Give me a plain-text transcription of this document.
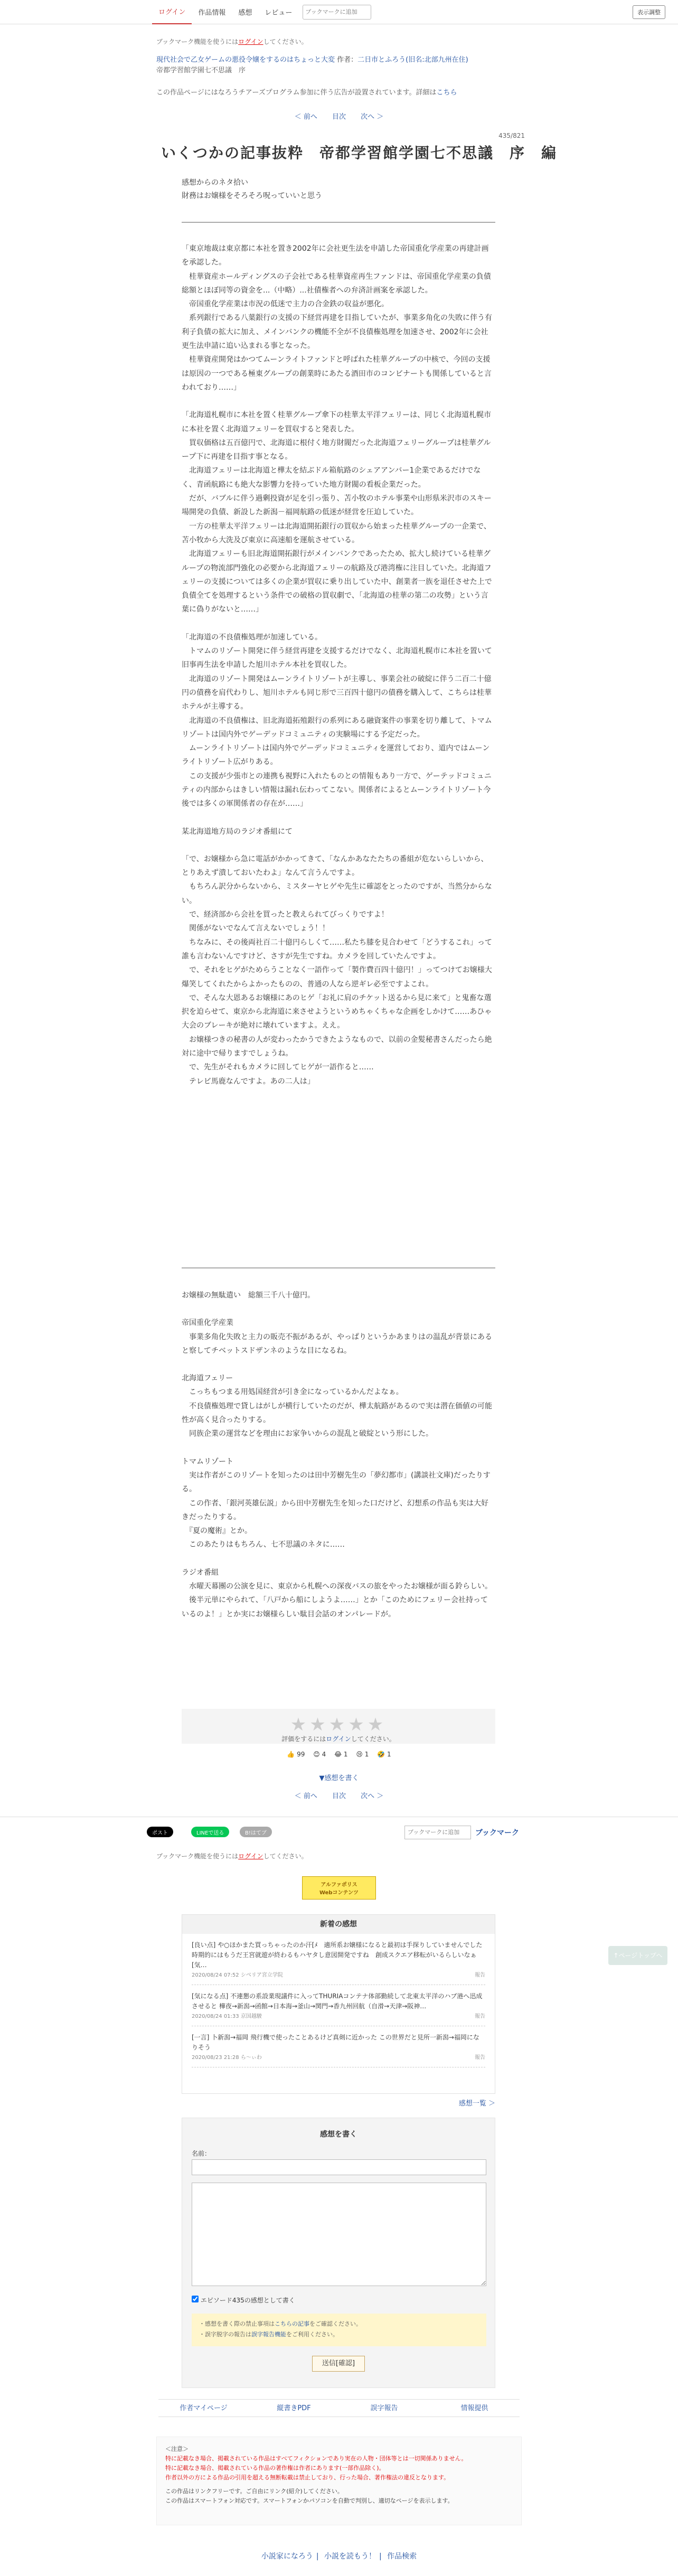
ログイン	作品情報	感想	レビュー
ブックマークに追加	表示調整
ブックマーク機能を使うにはログインしてください。
現代社会で乙女ゲームの悪役令嬢をするのはちょっと大変 作者：二日市とふろう(旧名:北部九州在住)
帝都学習館学園七不思議　序
この作品ページにはなろうチアーズプログラム参加に伴う広告が設置されています。詳細はこちら
＜ 前へ 目次 次へ ＞
435/821
いくつかの記事抜粋　帝都学習館学園七不思議　序　編
感想からのネタ拾い
財務はお嬢様をそろそろ呪っていいと思う

「東京地裁は東京都に本社を置き2002年に会社更生法を申請した帝国重化学産業の再建計画を承認した。
　桂華資産ホールディングスの子会社である桂華資産再生ファンドは、帝国重化学産業の負債総額とほぼ同等の資金を...（中略）...社債権者への弁済計画案を承認した。
　帝国重化学産業は市況の低迷で主力の合金鉄の収益が悪化。
　系列銀行である八葉銀行の支援の下経営再建を目指していたが、事業多角化の失敗に伴う有利子負債の拡大に加え、メインバンクの機能不全が不良債権処理を加速させ、2002年に会社更生法申請に追い込まれる事となった。
　桂華資産開発はかつてムーンライトファンドと呼ばれた桂華グループの中核で、今回の支援は原因の一つである極東グループの創業時にあたる酒田市のコンビナートも関係していると言われており……」

「北海道札幌市に本社を置く桂華グループ傘下の桂華太平洋フェリーは、同じく北海道札幌市に本社を置く北海道フェリーを買収すると発表した。
　買収価格は五百億円で、北海道に根付く地方財閥だった北海道フェリーグループは桂華グループ下に再建を目指す事となる。
　北海道フェリーは北海道と樺太を結ぶドル箱航路のシェアアンバー1企業であるだけでなく、青函航路にも絶大な影響力を持っていた地方財閥の看板企業だった。
　だが、バブルに伴う過剰投資が足を引っ張り、苫小牧のホテル事業や山形県米沢市のスキー場開発の負債、新設した新潟－福岡航路の低迷が経営を圧迫していた。
　一方の桂華太平洋フェリーは北海道開拓銀行の買収から始まった桂華グループの一企業で、苫小牧から大洗及び東京に高速船を運航させている。
　北海道フェリーも旧北海道開拓銀行がメインバンクであったため、拡大し続けている桂華グループの物流部門強化の必要から北海道フェリーの航路及び港湾権に注目していた。北海道フェリーの支援については多くの企業が買収に乗り出していた中、創業者一族を退任させた上で負債全てを処理するという条件での破格の買収劇で、「北海道の桂華の第二の攻勢」という言葉に偽りがないと……」

「北海道の不良債権処理が加速している。
　トマムのリゾート開発に伴う経営再建を支援するだけでなく、北海道札幌市に本社を置いて旧事再生法を申請した旭川ホテル本社を買収した。
　北海道のリゾート開発はムーンライトリゾートが主導し、事業会社の破綻に伴う二百二十億円の債務を肩代わりし、旭川ホテルも同じ形で三百四十億円の債務を購入して、こちらは桂華ホテルが主導する。
　北海道の不良債権は、旧北海道拓殖銀行の系列にある融資案件の事業を切り離して、トマムリゾートは国内外でゲーデッドコミュニティの実験場にする予定だった。
　ムーンライトリゾートは国内外でゲーデッドコミュニティを運営しており、道内ではムーンライトリゾート広がりある。
　この支援が少張市との連携も視野に入れたものとの情報もあり一方で、ゲーテッドコミュニティの内部からはきしい情報は漏れ伝わってこない。関係者によるとムーンライトリゾート今後では多くの軍関係者の存在が……」

某北海道地方局のラジオ番組にて

「で、お嬢様から急に電話がかかってきて、「なんかあなたたちの番組が危ないらしいから、とりあえず潰しておいたわよ」なんて言うんですよ。
　もちろん訳分からないから、ミスターヤヒゲや先生に確認をとったのですが、当然分からない。
　で、経済部から会社を買ったと教えられてびっくりですよ！
　関係がないでなんて言えないでしょう！！
　ちなみに、その後両社百二十億円らしくて……私たち膝を見合わせて「どうするこれ」って誰も言わないんですけど、さすが先生ですね。カメラを回していたんですよ。
　で、それをヒゲがためらうことなく一語作って「製作費百四十億円！」ってつけてお嬢様大爆笑してくれたからよかったものの、普通の人なら逆ギレ必至ですよこれ。
　で、そんな大恩あるお嬢様にあのヒゲ「お礼に肩のチケット送るから見に来て」と鬼畜な選択を迫らせて、東京から北海道に来させようというめちゃくちゃな企画をしかけて……あひゃ大会のブレーキが絶対に壊れていますよ。ええ。
　お嬢様つきの秘書の人が変わったかうできたようなもので、以前の金髪秘書さんだったら絶対に途中で帰りますでしょうね。
　で、先生がそれもカメラに回してヒゲが一語作ると……
　テレビ馬鹿なんですよ。あの二人は」

お嬢様の無駄遣い　総額三千八十億円。

帝国重化学産業
　事業多角化失敗と主力の販売不振があるが、やっぱりというかあまりはの温乱が背景にあると察してチベットスドザンネのような目になるね。

北海道フェリー
　こっちもつまる用処国経営が引き金になっているかんだよなぁ。
　不良債権処理で貸しはがしが横行していたのだが、樺太航路があるので実は潜在価値の可能性が高く見合ったりする。
　同族企業の運営などを理由にお家争いからの混乱と破綻という形にした。

トマムリゾート
　実は作者がこのリゾートを知ったのは田中芳樹先生の「夢幻都市」(講談社文庫)だったりする。
　この作者、「銀河英雄伝説」から田中芳樹先生を知った口だけど、幻想系の作品も実は大好きだったりする。
　『夏の魔術』とか。
　このあたりはもちろん、七不思議のネタに……

ラジオ番組
　水曜天幕團の公演を見に、東京から札幌への深夜バスの旅をやったお嬢様が面る鈴らしい。
　後半元単にやられて、「八戸から船にしようよ……」とか「このためにフェリー会社持っているのよ！」とか実にお嬢様らしい駄目会話のオンパレードが。

★★★★★
評価をするにはログインしてください。
👍 99 😊 4 😂 1 😢 1 🤣 1
▼感想を書く
＜ 前へ 目次 次へ ＞
ポスト	LINEで送る	B!はてブ
ブックマークに追加	ブックマーク
ブックマーク機能を使うにはログインしてください。
アルファポリス
Webコンテンツ
↑ページトップへ
新着の感想
[良い点] や○ほかまた買っちゃったのか汗[ﾒ　適所系お嬢様になると最初は手探りしていませんでした　時期的にはもうだ王宮就遊が終わるもハヤタし意図開発ですね　創成スクエア移転がいるらしいなぁ [気…
2020/08/24 07:52 シベリア宮立学院	報告
[気になる点] 不連懇の系設業現議件に入ってTHURIAコンテナ体部勤続して北東太平洋のハブ港へ迅成させると 樺夜→新潟→函館→日本海→釜山→関門→香九州回航（自滑→天津→阪神…
2020/08/24 01:33 京国越駿	報告
[一言] 卜新潟→福岡 飛行機で使ったことあるけど真剣に近かった この世界だと見所一新潟→福岡になりそう
2020/08/23 21:28 ら〜ぃわ	報告
感想一覧 ＞
感想を書く
名前：
エピソード435の感想として書く
・感想を書く際の禁止事項はこちらの記事をご確認ください。
・誤字脱字の報告は誤字報告機能をご利用ください。
送信[確認]
作者マイページ	縦書きPDF	誤字報告	情報提供
＜注意＞
特に記載なき場合、掲載されている作品はすべてフィクションであり実在の人物・団体等とは一切関係ありません。
特に記載なき場合、掲載されている作品の著作権は作者にあります(一部作品除く)。
作者以外の方による作品の引用を超える無断転載は禁止しており、行った場合、著作権法の違反となります。
この作品はリンクフリーです。ご自由にリンク(紹介)してください。
この作品はスマートフォン対応です。スマートフォンかパソコンを自動で判別し、適切なページを表示します。
小説家になろう | 小説を読もう！ | 作品検索
